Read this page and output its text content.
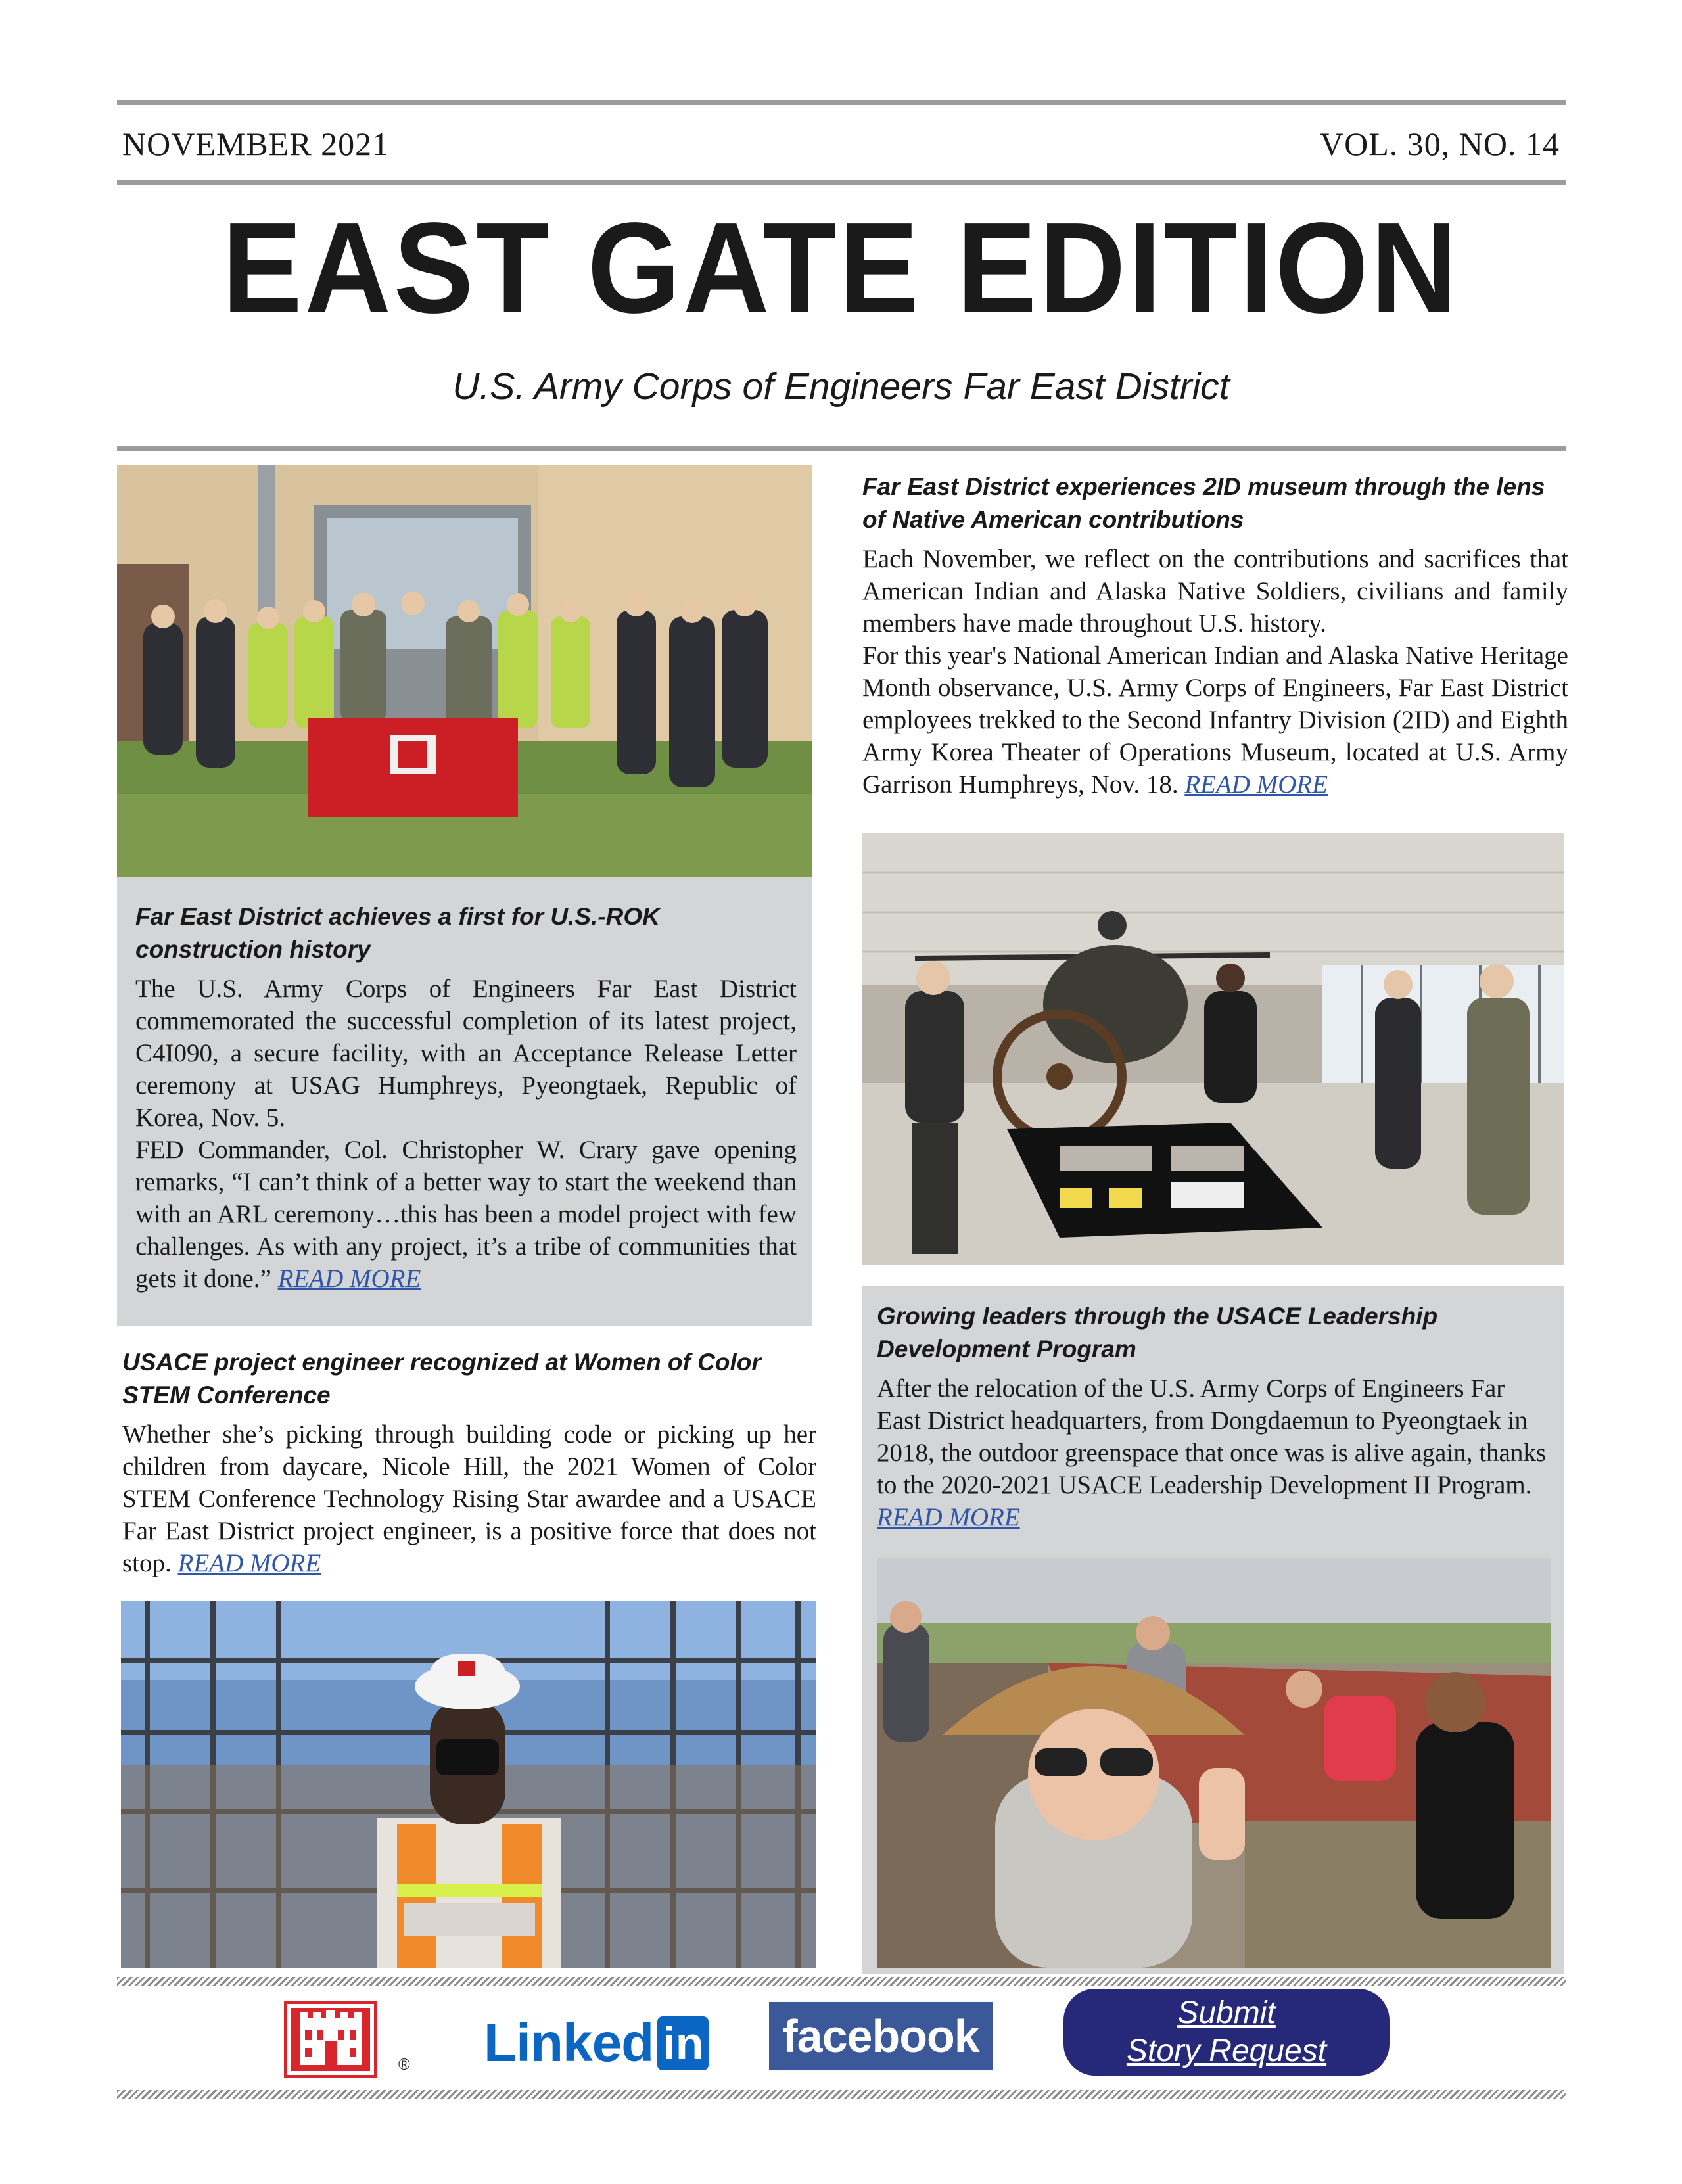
NOVEMBER 2021	VOL. 30, NO. 14
EAST GATE EDITION
U.S. Army Corps of Engineers Far East District
Far East District achieves a first for U.S.-ROK construction history

The U.S. Army Corps of Engineers Far East District commemorated the successful completion of its latest project, C4I090, a secure facility, with an Acceptance Release Letter ceremony at USAG Humphreys, Pyeongtaek, Republic of Korea, Nov. 5.

FED Commander, Col. Christopher W. Crary gave opening remarks, “I can’t think of a better way to start the weekend than with an ARL ceremony…this has been a model project with few challenges. As with any project, it’s a tribe of communities that gets it done.” READ MORE

USACE project engineer recognized at Women of Color STEM Conference

Whether she’s picking through building code or picking up her children from daycare, Nicole Hill, the 2021 Women of Color STEM Conference Technology Rising Star awardee and a USACE Far East District project engineer, is a positive force that does not stop. READ MORE

Far East District experiences 2ID museum through the lens of Native American contributions

Each November, we reflect on the contributions and sacrifices that American Indian and Alaska Native Soldiers, civilians and family members have made throughout U.S. history.

For this year's National American Indian and Alaska Native Heritage Month observance, U.S. Army Corps of Engineers, Far East District employees trekked to the Second Infantry Division (2ID) and Eighth Army Korea Theater of Operations Museum, located at U.S. Army Garrison Humphreys, Nov. 18. READ MORE

Growing leaders through the USACE Leadership Development Program

After the relocation of the U.S. Army Corps of Engineers Far East District headquarters, from Dongdaemun to Pyeongtaek in 2018, the outdoor greenspace that once was is alive again, thanks to the 2020-2021 USACE Leadership Development II Program. READ MORE

® Linked in facebook	Submit
Story Request
